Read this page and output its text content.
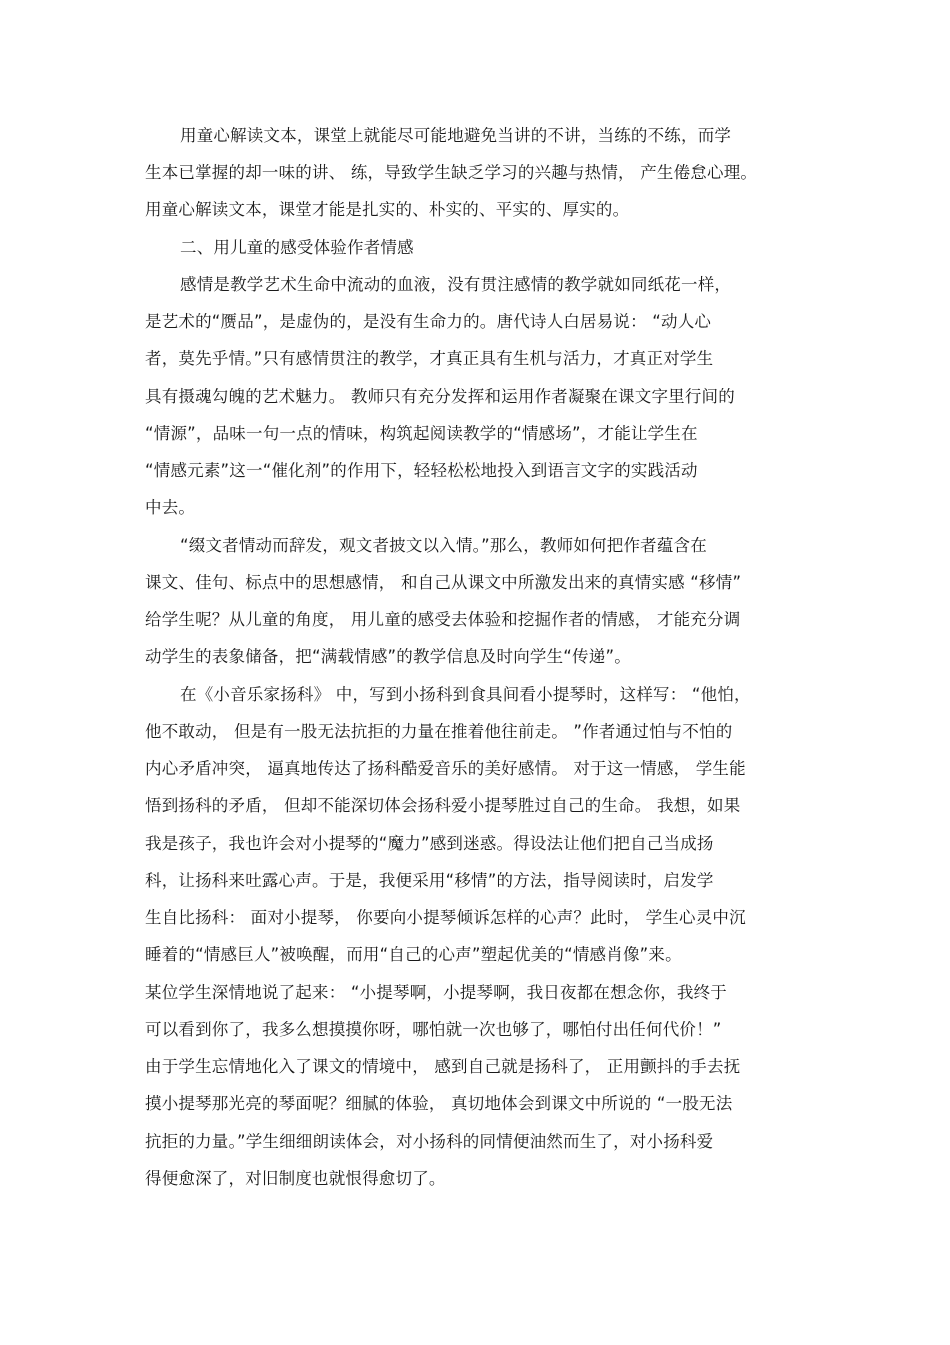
用童心解读文本，课堂上就能尽可能地避免当讲的不讲，当练的不练，而学
生本已掌握的却一味的讲、 练，导致学生缺乏学习的兴趣与热情， 产生倦怠心理。
用童心解读文本，课堂才能是扎实的、朴实的、平实的、厚实的。
二、用儿童的感受体验作者情感
感情是教学艺术生命中流动的血液，没有贯注感情的教学就如同纸花一样，
是艺术的“赝品”，是虚伪的，是没有生命力的。唐代诗人白居易说： “动人心
者，莫先乎情。”只有感情贯注的教学，才真正具有生机与活力，才真正对学生
具有摄魂勾魄的艺术魅力。 教师只有充分发挥和运用作者凝聚在课文字里行间的
“情源”，品味一句一点的情味，构筑起阅读教学的“情感场”，才能让学生在
“情感元素”这一“催化剂”的作用下，轻轻松松地投入到语言文字的实践活动
中去。
“缀文者情动而辞发，观文者披文以入情。”那么，教师如何把作者蕴含在
课文、佳句、标点中的思想感情， 和自己从课文中所激发出来的真情实感 “移情”
给学生呢？从儿童的角度， 用儿童的感受去体验和挖掘作者的情感， 才能充分调
动学生的表象储备，把“满载情感”的教学信息及时向学生“传递”。
在《小音乐家扬科》 中，写到小扬科到食具间看小提琴时，这样写： “他怕，
他不敢动， 但是有一股无法抗拒的力量在推着他往前走。 ”作者通过怕与不怕的
内心矛盾冲突， 逼真地传达了扬科酷爱音乐的美好感情。 对于这一情感， 学生能
悟到扬科的矛盾， 但却不能深切体会扬科爱小提琴胜过自己的生命。 我想，如果
我是孩子，我也许会对小提琴的“魔力”感到迷惑。得设法让他们把自己当成扬
科，让扬科来吐露心声。于是，我便采用“移情”的方法，指导阅读时，启发学
生自比扬科： 面对小提琴， 你要向小提琴倾诉怎样的心声？此时， 学生心灵中沉
睡着的“情感巨人”被唤醒，而用“自己的心声”塑起优美的“情感肖像”来。
某位学生深情地说了起来： “小提琴啊，小提琴啊，我日夜都在想念你，我终于
可以看到你了，我多么想摸摸你呀，哪怕就一次也够了，哪怕付出任何代价！”
由于学生忘情地化入了课文的情境中， 感到自己就是扬科了， 正用颤抖的手去抚
摸小提琴那光亮的琴面呢？细腻的体验， 真切地体会到课文中所说的 “一股无法
抗拒的力量。”学生细细朗读体会，对小扬科的同情便油然而生了，对小扬科爱
得便愈深了，对旧制度也就恨得愈切了。
